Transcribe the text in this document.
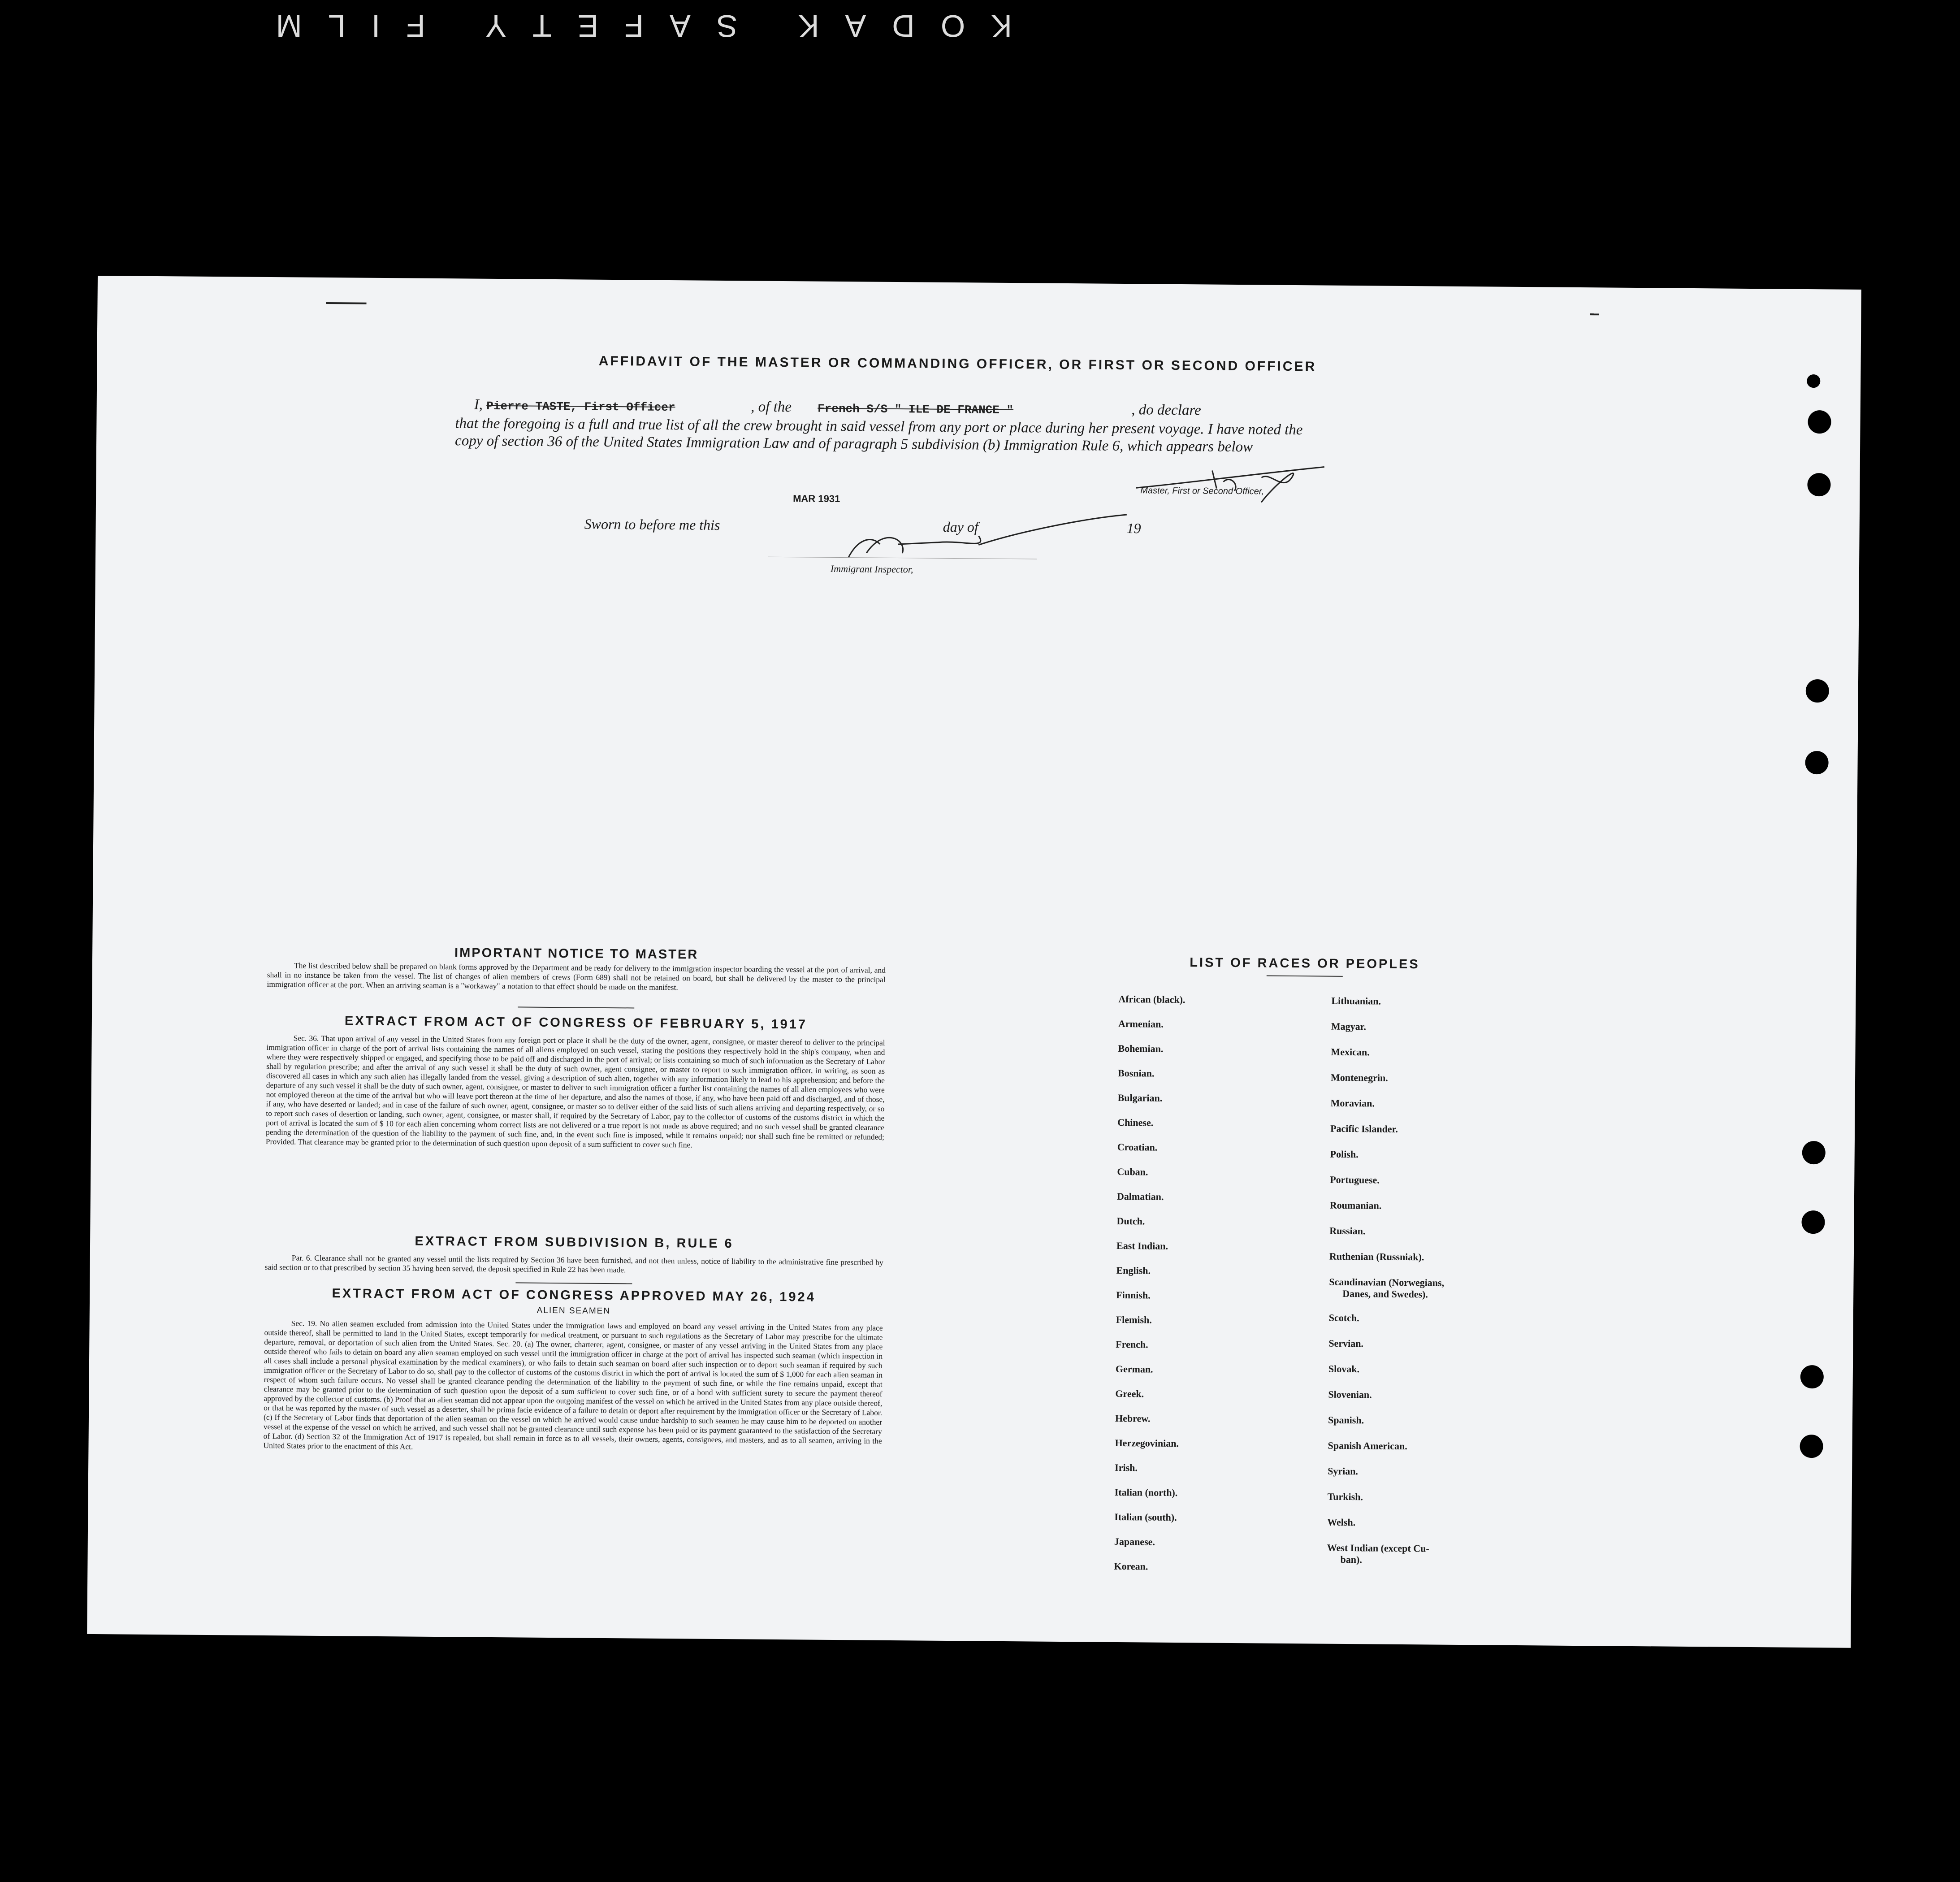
KODAK SAFETY FILM
AFFIDAVIT OF THE MASTER OR COMMANDING OFFICER, OR FIRST OR SECOND OFFICER
I, Pierre TASTE, First Officer	, of the French S/S " ILE DE FRANCE "	, do declare
that the foregoing is a full and true list of all the crew brought in said vessel from any port or place during her present voyage. I have noted the copy of section 36 of the United States Immigration Law and of paragraph 5 subdivision (b) Immigration Rule 6, which appears below
Master, First or Second Officer,
MAR 1931
Sworn to before me this	day of	19
Immigrant Inspector,
IMPORTANT NOTICE TO MASTER
The list described below shall be prepared on blank forms approved by the Department and be ready for delivery to the immigration inspector boarding the vessel at the port of arrival, and shall in no instance be taken from the vessel. The list of changes of alien members of crews (Form 689) shall not be retained on board, but shall be delivered by the master to the principal immigration officer at the port. When an arriving seaman is a "workaway" a notation to that effect should be made on the manifest.
EXTRACT FROM ACT OF CONGRESS OF FEBRUARY 5, 1917
Sec. 36. That upon arrival of any vessel in the United States from any foreign port or place it shall be the duty of the owner, agent, consignee, or master thereof to deliver to the principal immigration officer in charge of the port of arrival lists containing the names of all aliens employed on such vessel, stating the positions they respectively hold in the ship's company, when and where they were respectively shipped or engaged, and specifying those to be paid off and discharged in the port of arrival; or lists containing so much of such information as the Secretary of Labor shall by regulation prescribe; and after the arrival of any such vessel it shall be the duty of such owner, agent consignee, or master to report to such immigration officer, in writing, as soon as discovered all cases in which any such alien has illegally landed from the vessel, giving a description of such alien, together with any information likely to lead to his apprehension; and before the departure of any such vessel it shall be the duty of such owner, agent, consignee, or master to deliver to such immigration officer a further list containing the names of all alien employees who were not employed thereon at the time of the arrival but who will leave port thereon at the time of her departure, and also the names of those, if any, who have been paid off and discharged, and of those, if any, who have deserted or landed; and in case of the failure of such owner, agent, consignee, or master so to deliver either of the said lists of such aliens arriving and departing respectively, or so to report such cases of desertion or landing, such owner, agent, consignee, or master shall, if required by the Secretary of Labor, pay to the collector of customs of the customs district in which the port of arrival is located the sum of $ 10 for each alien concerning whom correct lists are not delivered or a true report is not made as above required; and no such vessel shall be granted clearance pending the determination of the question of the liability to the payment of such fine, and, in the event such fine is imposed, while it remains unpaid; nor shall such fine be remitted or refunded; Provided. That clearance may be granted prior to the determination of such question upon deposit of a sum sufficient to cover such fine.
EXTRACT FROM SUBDIVISION B, RULE 6
Par. 6. Clearance shall not be granted any vessel until the lists required by Section 36 have been furnished, and not then unless, notice of liability to the administrative fine prescribed by said section or to that prescribed by section 35 having been served, the deposit specified in Rule 22 has been made.
EXTRACT FROM ACT OF CONGRESS APPROVED MAY 26, 1924
ALIEN SEAMEN
Sec. 19. No alien seamen excluded from admission into the United States under the immigration laws and employed on board any vessel arriving in the United States from any place outside thereof, shall be permitted to land in the United States, except temporarily for medical treatment, or pursuant to such regulations as the Secretary of Labor may prescribe for the ultimate departure, removal, or deportation of such alien from the United States. Sec. 20. (a) The owner, charterer, agent, consignee, or master of any vessel arriving in the United States from any place outside thereof who fails to detain on board any alien seaman employed on such vessel until the immigration officer in charge at the port of arrival has inspected such seaman (which inspection in all cases shall include a personal physical examination by the medical examiners), or who fails to detain such seaman on board after such inspection or to deport such seaman if required by such immigration officer or the Secretary of Labor to do so, shall pay to the collector of customs of the customs district in which the port of arrival is located the sum of $ 1,000 for each alien seaman in respect of whom such failure occurs. No vessel shall be granted clearance pending the determination of the liability to the payment of such fine, or while the fine remains unpaid, except that clearance may be granted prior to the determination of such question upon the deposit of a sum sufficient to cover such fine, or of a bond with sufficient surety to secure the payment thereof approved by the collector of customs. (b) Proof that an alien seaman did not appear upon the outgoing manifest of the vessel on which he arrived in the United States from any place outside thereof, or that he was reported by the master of such vessel as a deserter, shall be prima facie evidence of a failure to detain or deport after requirement by the immigration officer or the Secretary of Labor. (c) If the Secretary of Labor finds that deportation of the alien seaman on the vessel on which he arrived would cause undue hardship to such seamen he may cause him to be deported on another vessel at the expense of the vessel on which he arrived, and such vessel shall not be granted clearance until such expense has been paid or its payment guaranteed to the satisfaction of the Secretary of Labor. (d) Section 32 of the Immigration Act of 1917 is repealed, but shall remain in force as to all vessels, their owners, agents, consignees, and masters, and as to all seamen, arriving in the United States prior to the enactment of this Act.
LIST OF RACES OR PEOPLES
African (black).
Armenian.
Bohemian.
Bosnian.
Bulgarian.
Chinese.
Croatian.
Cuban.
Dalmatian.
Dutch.
East Indian.
English.
Finnish.
Flemish.
French.
German.
Greek.
Hebrew.
Herzegovinian.
Irish.
Italian (north).
Italian (south).
Japanese.
Korean.
Lithuanian.
Magyar.
Mexican.
Montenegrin.
Moravian.
Pacific Islander.
Polish.
Portuguese.
Roumanian.
Russian.
Ruthenian (Russniak).
Scandinavian (Norwegians,
Danes, and Swedes).
Scotch.
Servian.
Slovak.
Slovenian.
Spanish.
Spanish American.
Syrian.
Turkish.
Welsh.
West Indian (except Cu-
ban).
